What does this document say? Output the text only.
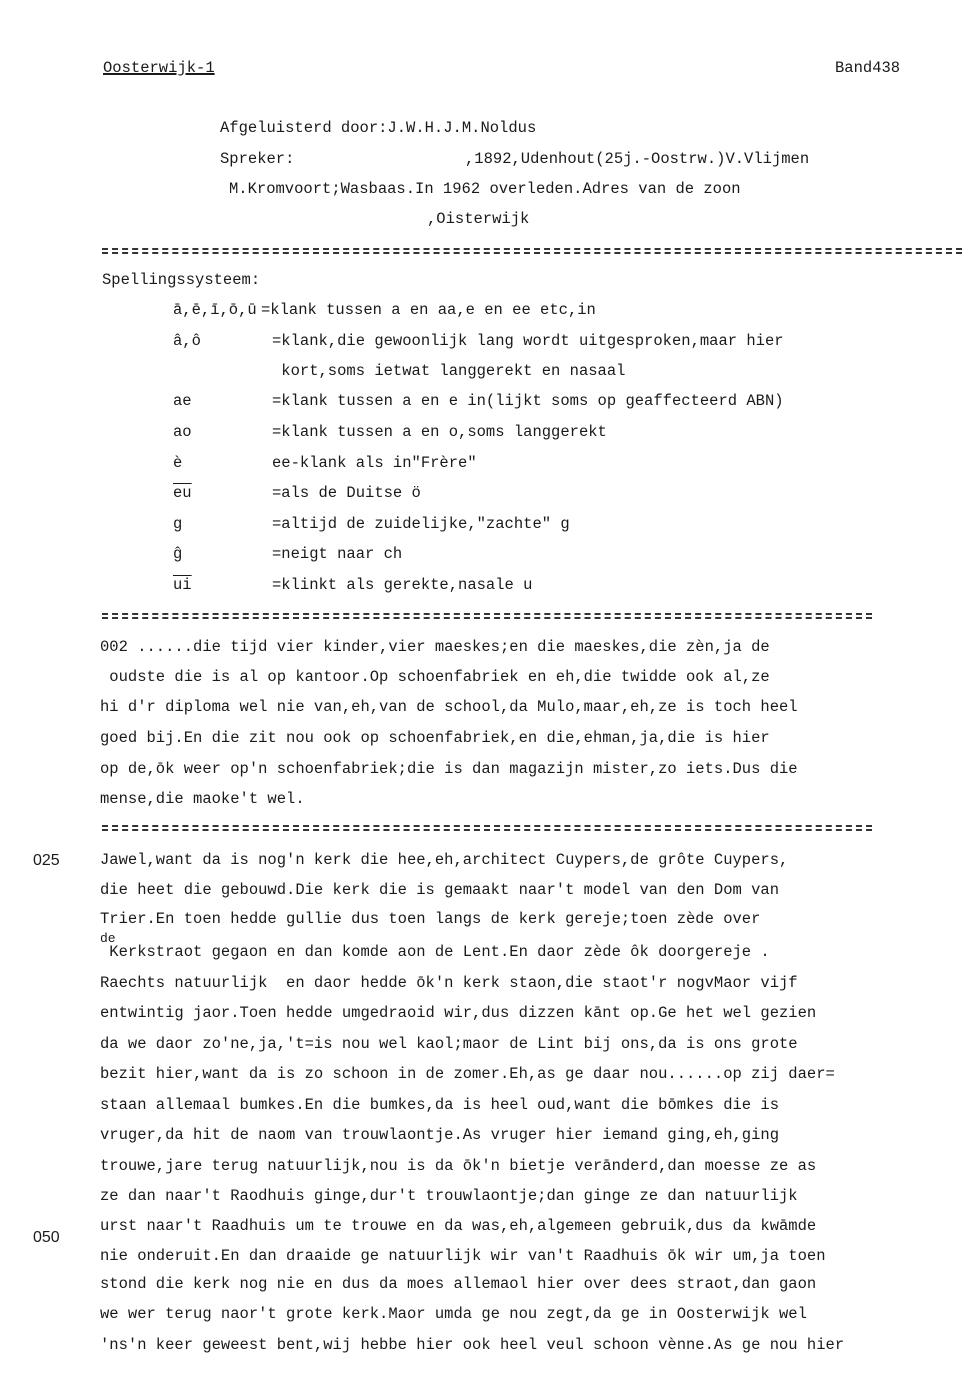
Oosterwijk-1	Band438
Afgeluisterd door:J.W.H.J.M.Noldus
Spreker:	,1892,Udenhout(25j.-Oostrw.)V.Vlijmen
M.Kromvoort;Wasbaas.In 1962 overleden.Adres van de zoon
,Oisterwijk
Spellingssysteem:
ā,ē,ī,ō,ū =klank tussen a en aa,e en ee etc,in
â,ô	=klank,die gewoonlijk lang wordt uitgesproken,maar hier
kort,soms ietwat langgerekt en nasaal
ae	=klank tussen a en e in(lijkt soms op geaffecteerd ABN)
ao	=klank tussen a en o,soms langgerekt
è	ee-klank als in"Frère"
$\overline{eu}$	=als de Duitse ö
g	=altijd de zuidelijke,"zachte" g
ĝ	=neigt naar ch
$\overline{ui}$	=klinkt als gerekte,nasale u
002 ......die tijd vier kinder,vier maeskes;en die maeskes,die zèn,ja de
oudste die is al op kantoor.Op schoenfabriek en eh,die twidde ook al,ze
hi d'r diploma wel nie van,eh,van de school,da Mulo,maar,eh,ze is toch heel
goed bij.En die zit nou ook op schoenfabriek,en die,ehman,ja,die is hier
op de,ōk weer op'n schoenfabriek;die is dan magazijn mister,zo iets.Dus die
mense,die maoke't wel.
025
050
Jawel,want da is nog'n kerk die hee,eh,architect Cuypers,de grôte Cuypers,
die heet die gebouwd.Die kerk die is gemaakt naar't model van den Dom van
Trier.En toen hedde gullie dus toen langs de kerk gereje;toen zède over
de
Kerkstraot gegaon en dan komde aon de Lent.En daor zède ôk doorgereje .
Raechts natuurlijk  en daor hedde ōk'n kerk staon,die staot'r nogvMaor vijf
entwintig jaor.Toen hedde umgedraoid wir,dus dizzen kānt op.Ge het wel gezien
da we daor zo'ne,ja,'t=is nou wel kaol;maor de Lint bij ons,da is ons grote
bezit hier,want da is zo schoon in de zomer.Eh,as ge daar nou......op zij daer=
staan allemaal bumkes.En die bumkes,da is heel oud,want die bōmkes die is
vruger,da hit de naom van trouwlaontje.As vruger hier iemand ging,eh,ging
trouwe,jare terug natuurlijk,nou is da ōk'n bietje verānderd,dan moesse ze as
ze dan naar't Raodhuis ginge,dur't trouwlaontje;dan ginge ze dan natuurlijk
urst naar't Raadhuis um te trouwe en da was,eh,algemeen gebruik,dus da kwāmde
nie onderuit.En dan draaide ge natuurlijk wir van't Raadhuis ōk wir um,ja toen
stond die kerk nog nie en dus da moes allemaol hier over dees straot,dan gaon
we wer terug naor't grote kerk.Maor umda ge nou zegt,da ge in Oosterwijk wel
'ns'n keer geweest bent,wij hebbe hier ook heel veul schoon vènne.As ge nou hier
